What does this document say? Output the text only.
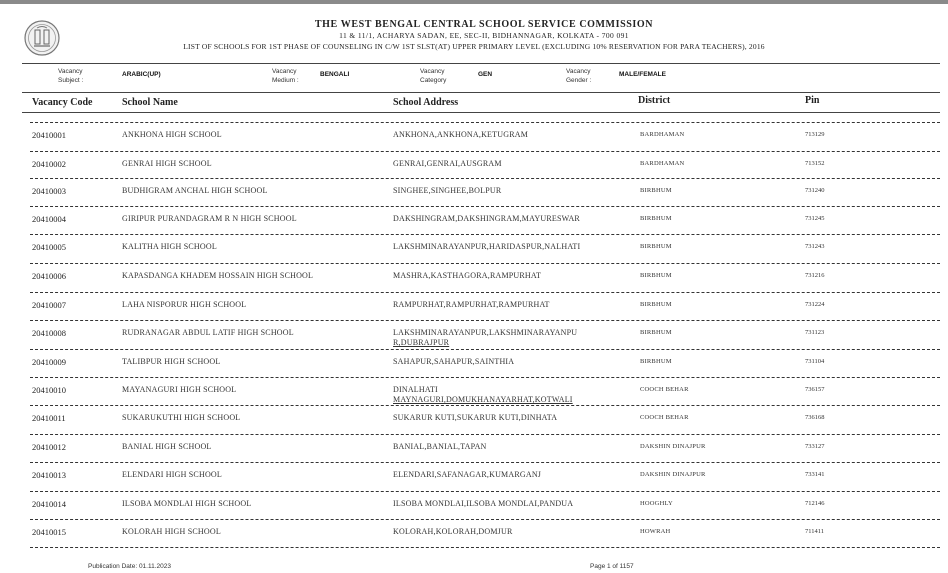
THE WEST BENGAL CENTRAL SCHOOL SERVICE COMMISSION
11 & 11/1, ACHARYA SADAN, EE, SEC-II, BIDHANNAGAR, KOLKATA - 700 091
LIST OF SCHOOLS FOR 1ST PHASE OF COUNSELING IN C/W 1ST SLST(AT) UPPER PRIMARY LEVEL (EXCLUDING 10% RESERVATION FOR PARA TEACHERS), 2016
Vacancy Subject :
ARABIC(UP)	Vacancy Medium :
BENGALI	Vacancy Category
GEN	Vacancy Gender :
MALE/FEMALE
Vacancy Code	School Name	School Address	District	Pin
20410001	ANKHONA HIGH SCHOOL	ANKHONA,ANKHONA,KETUGRAM	BARDHAMAN	713129
20410002	GENRAI HIGH SCHOOL	GENRAI,GENRAI,AUSGRAM	BARDHAMAN	713152
20410003	BUDHIGRAM ANCHAL HIGH SCHOOL	SINGHEE,SINGHEE,BOLPUR	BIRBHUM	731240
20410004	GIRIPUR PURANDAGRAM R N HIGH SCHOOL	DAKSHINGRAM,DAKSHINGRAM,MAYURESWAR	BIRBHUM	731245
20410005	KALITHA HIGH SCHOOL	LAKSHMINARAYANPUR,HARIDASPUR,NALHATI	BIRBHUM	731243
20410006	KAPASDANGA KHADEM HOSSAIN HIGH SCHOOL	MASHRA,KASTHAGORA,RAMPURHAT	BIRBHUM	731216
20410007	LAHA NISPORUR HIGH SCHOOL	RAMPURHAT,RAMPURHAT,RAMPURHAT	BIRBHUM	731224
20410008	RUDRANAGAR ABDUL LATIF HIGH SCHOOL	LAKSHMINARAYANPUR,LAKSHMINARAYANPU
R,DUBRAJPUR
BIRBHUM	731123
20410009	TALIBPUR HIGH SCHOOL	SAHAPUR,SAHAPUR,SAINTHIA	BIRBHUM	731104
20410010	MAYANAGURI HIGH SCHOOL	DINALHATI
MAYNAGURI,DOMUKHANAYARHAT,KOTWALI
COOCH BEHAR	736157
20410011	SUKARUKUTHI HIGH SCHOOL	SUKARUR KUTI,SUKARUR KUTI,DINHATA	COOCH BEHAR	736168
20410012	BANIAL HIGH SCHOOL	BANIAL,BANIAL,TAPAN	DAKSHIN DINAJPUR	733127
20410013	ELENDARI HIGH SCHOOL	ELENDARI,SAFANAGAR,KUMARGANJ	DAKSHIN DINAJPUR	733141
20410014	ILSOBA MONDLAI HIGH SCHOOL	ILSOBA MONDLAI,ILSOBA MONDLAI,PANDUA	HOOGHLY	712146
20410015	KOLORAH HIGH SCHOOL	KOLORAH,KOLORAH,DOMJUR	HOWRAH	711411
Publication Date: 01.11.2023	Page 1 of 1157
